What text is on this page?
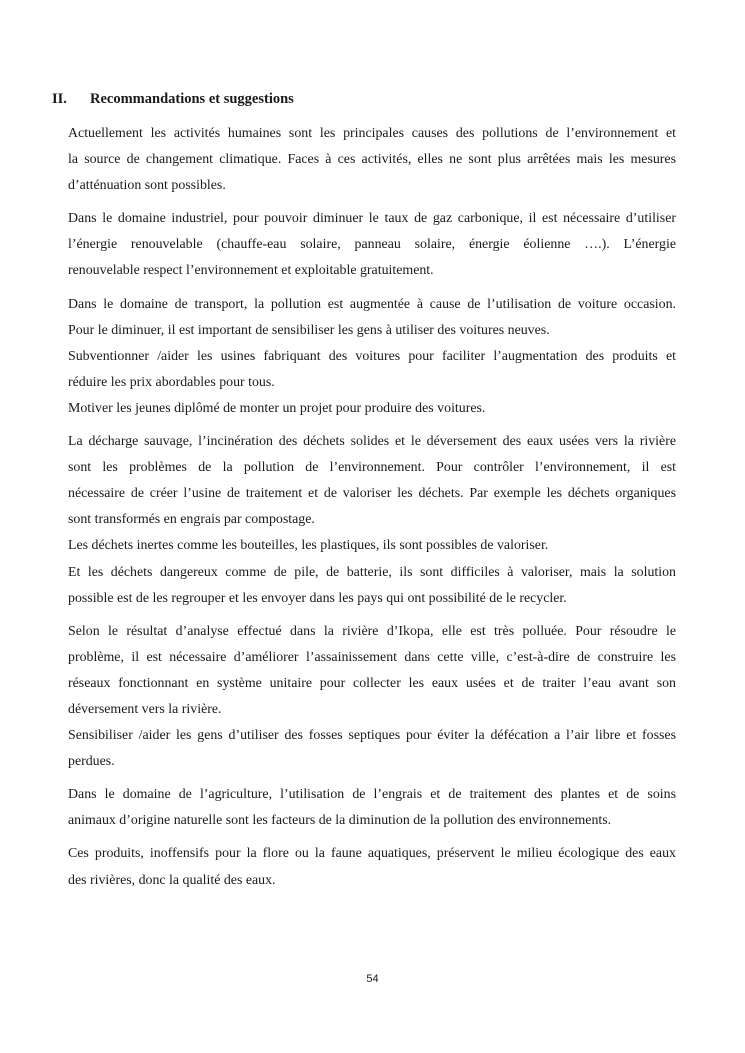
II. Recommandations et suggestions
Actuellement les activités humaines sont les principales causes des pollutions de l’environnement et
la source de changement climatique. Faces à ces activités, elles ne sont plus arrêtées mais les mesures
d’atténuation sont possibles.
Dans le domaine industriel, pour pouvoir diminuer le taux de gaz carbonique, il est nécessaire d’utiliser
l’énergie renouvelable (chauffe-eau solaire, panneau solaire, énergie éolienne ….). L’énergie
renouvelable respect l’environnement et exploitable gratuitement.
Dans le domaine de transport, la pollution est augmentée à cause de l’utilisation de voiture occasion.
Pour le diminuer, il est important de sensibiliser les gens à utiliser des voitures neuves.
Subventionner /aider les usines fabriquant des voitures pour faciliter l’augmentation des produits et
réduire les prix abordables pour tous.
Motiver les jeunes diplômé de monter un projet pour produire des voitures.
La décharge sauvage, l’incinération des déchets solides et le déversement des eaux usées vers la rivière
sont les problèmes de la pollution de l’environnement. Pour contrôler l’environnement, il est
nécessaire de créer l’usine de traitement et de valoriser les déchets. Par exemple les déchets organiques
sont transformés en engrais par compostage.
Les déchets inertes comme les bouteilles, les plastiques, ils sont possibles de valoriser.
Et les déchets dangereux comme de pile, de batterie, ils sont difficiles à valoriser, mais la solution
possible est de les regrouper et les envoyer dans les pays qui ont possibilité de le recycler.
Selon le résultat d’analyse effectué dans la rivière d’Ikopa, elle est très polluée. Pour résoudre le
problème, il est nécessaire d’améliorer l’assainissement dans cette ville, c’est-à-dire de construire les
réseaux fonctionnant en système unitaire pour collecter les eaux usées et de traiter l’eau avant son
déversement vers la rivière.
Sensibiliser /aider les gens d’utiliser des fosses septiques pour éviter la défécation a l’air libre et fosses
perdues.
Dans le domaine de l’agriculture, l’utilisation de l’engrais et de traitement des plantes et de soins
animaux d’origine naturelle sont les facteurs de la diminution de la pollution des environnements.
Ces produits, inoffensifs pour la flore ou la faune aquatiques, préservent le milieu écologique des eaux
des rivières, donc la qualité des eaux.
54
